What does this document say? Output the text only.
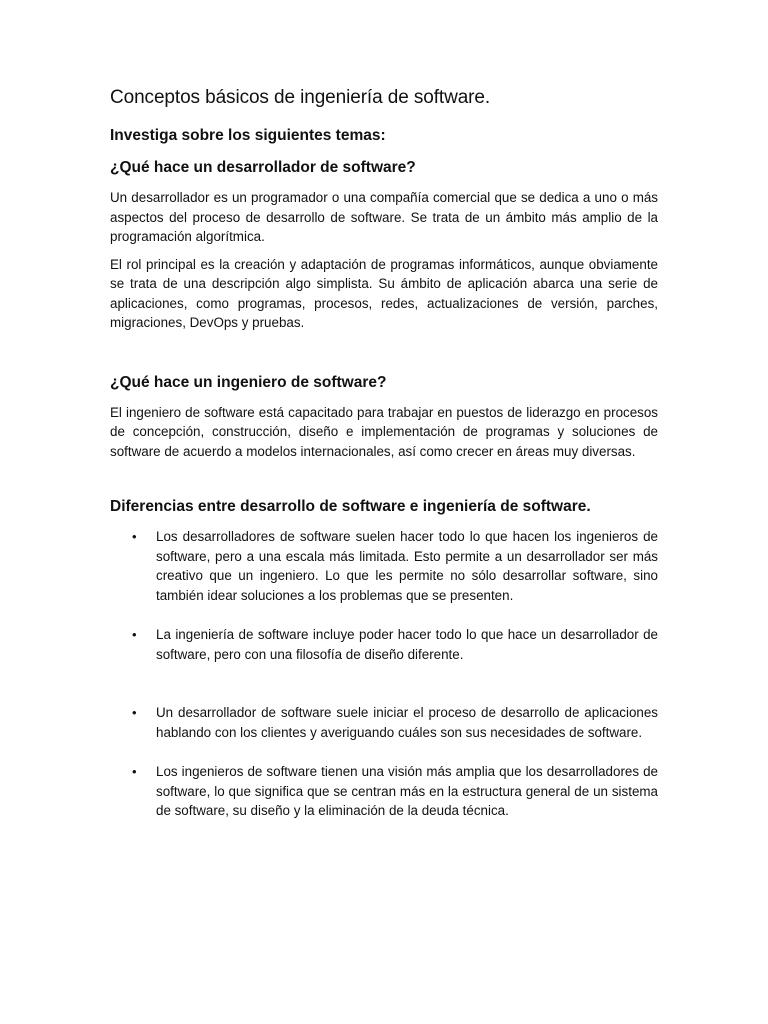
Conceptos básicos de ingeniería de software.
Investiga sobre los siguientes temas:
¿Qué hace un desarrollador de software?

Un desarrollador es un programador o una compañía comercial que se dedica a uno o más aspectos del proceso de desarrollo de software. Se trata de un ámbito más amplio de la programación algorítmica.

El rol principal es la creación y adaptación de programas informáticos, aunque obviamente se trata de una descripción algo simplista. Su ámbito de aplicación abarca una serie de aplicaciones, como programas, procesos, redes, actualizaciones de versión, parches, migraciones, DevOps y pruebas.

¿Qué hace un ingeniero de software?

El ingeniero de software está capacitado para trabajar en puestos de liderazgo en procesos de concepción, construcción, diseño e implementación de programas y soluciones de software de acuerdo a modelos internacionales, así como crecer en áreas muy diversas.

Diferencias entre desarrollo de software e ingeniería de software.
• Los desarrolladores de software suelen hacer todo lo que hacen los ingenieros de software, pero a una escala más limitada. Esto permite a un desarrollador ser más creativo que un ingeniero. Lo que les permite no sólo desarrollar software, sino también idear soluciones a los problemas que se presenten.
• La ingeniería de software incluye poder hacer todo lo que hace un desarrollador de software, pero con una filosofía de diseño diferente.
• Un desarrollador de software suele iniciar el proceso de desarrollo de aplicaciones hablando con los clientes y averiguando cuáles son sus necesidades de software.
• Los ingenieros de software tienen una visión más amplia que los desarrolladores de software, lo que significa que se centran más en la estructura general de un sistema de software, su diseño y la eliminación de la deuda técnica.
